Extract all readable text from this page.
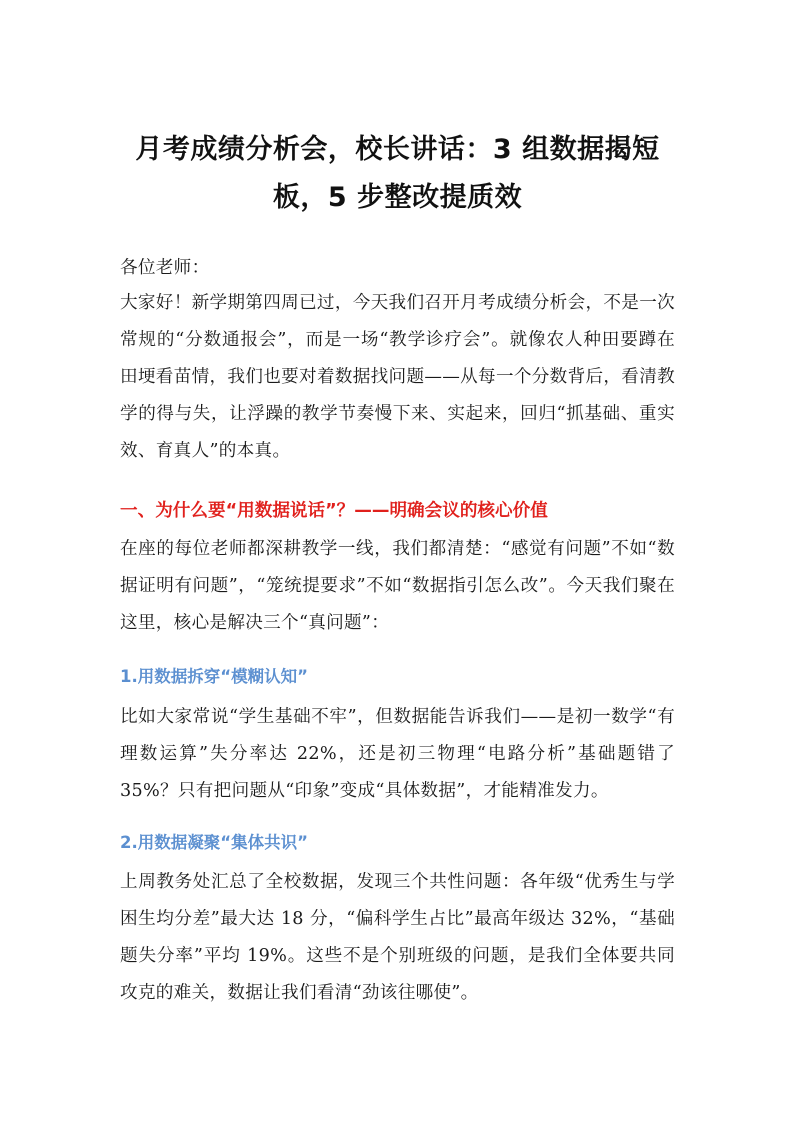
月考成绩分析会，校长讲话：3 组数据揭短板，5 步整改提质效
各位老师：
大家好！新学期第四周已过，今天我们召开月考成绩分析会，不是一次常规的“分数通报会”，而是一场“教学诊疗会”。就像农人种田要蹲在田埂看苗情，我们也要对着数据找问题——从每一个分数背后，看清教学的得与失，让浮躁的教学节奏慢下来、实起来，回归“抓基础、重实效、育真人”的本真。
一、为什么要“用数据说话”？——明确会议的核心价值
在座的每位老师都深耕教学一线，我们都清楚：“感觉有问题”不如“数据证明有问题”，“笼统提要求”不如“数据指引怎么改”。今天我们聚在这里，核心是解决三个“真问题”：
1.用数据拆穿“模糊认知”
比如大家常说“学生基础不牢”，但数据能告诉我们——是初一数学“有理数运算”失分率达 22%，还是初三物理“电路分析”基础题错了 35%？只有把问题从“印象”变成“具体数据”，才能精准发力。
2.用数据凝聚“集体共识”
上周教务处汇总了全校数据，发现三个共性问题：各年级“优秀生与学困生均分差”最大达 18 分，“偏科学生占比”最高年级达 32%，“基础题失分率”平均 19%。这些不是个别班级的问题，是我们全体要共同攻克的难关，数据让我们看清“劲该往哪使”。
